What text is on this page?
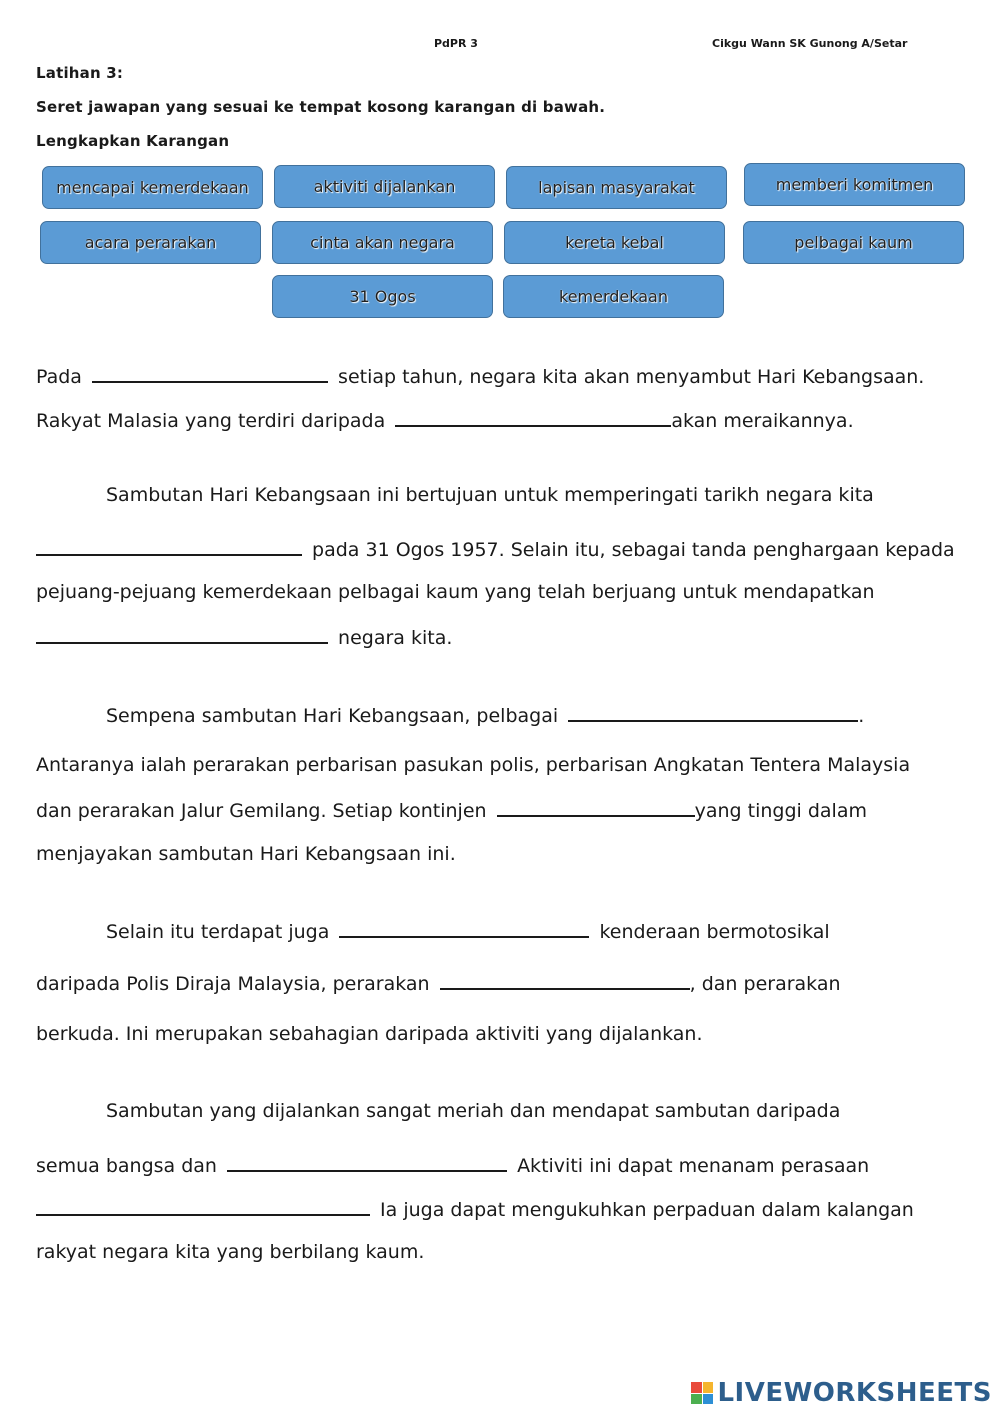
PdPR 3	Cikgu Wann SK Gunong A/Setar
Latihan 3:
Seret jawapan yang sesuai ke tempat kosong karangan di bawah.
Lengkapkan Karangan
mencapai kemerdekaan	aktiviti dijalankan	lapisan masyarakat	memberi komitmen
acara perarakan	cinta akan negara	kereta kebal	pelbagai kaum
31 Ogos	kemerdekaan
Pada	setiap tahun, negara kita akan menyambut Hari Kebangsaan.
Rakyat Malasia yang terdiri daripada	akan meraikannya.
Sambutan Hari Kebangsaan ini bertujuan untuk memperingati tarikh negara kita
pada 31 Ogos 1957. Selain itu, sebagai tanda penghargaan kepada
pejuang-pejuang kemerdekaan pelbagai kaum yang telah berjuang untuk mendapatkan
negara kita.
Sempena sambutan Hari Kebangsaan, pelbagai	.
Antaranya ialah perarakan perbarisan pasukan polis, perbarisan Angkatan Tentera Malaysia
dan perarakan Jalur Gemilang. Setiap kontinjen	yang tinggi dalam
menjayakan sambutan Hari Kebangsaan ini.
Selain itu terdapat juga	kenderaan bermotosikal
daripada Polis Diraja Malaysia, perarakan	, dan perarakan
berkuda. Ini merupakan sebahagian daripada aktiviti yang dijalankan.
Sambutan yang dijalankan sangat meriah dan mendapat sambutan daripada
semua bangsa dan	Aktiviti ini dapat menanam perasaan
Ia juga dapat mengukuhkan perpaduan dalam kalangan
rakyat negara kita yang berbilang kaum.
LIVEWORKSHEETS
